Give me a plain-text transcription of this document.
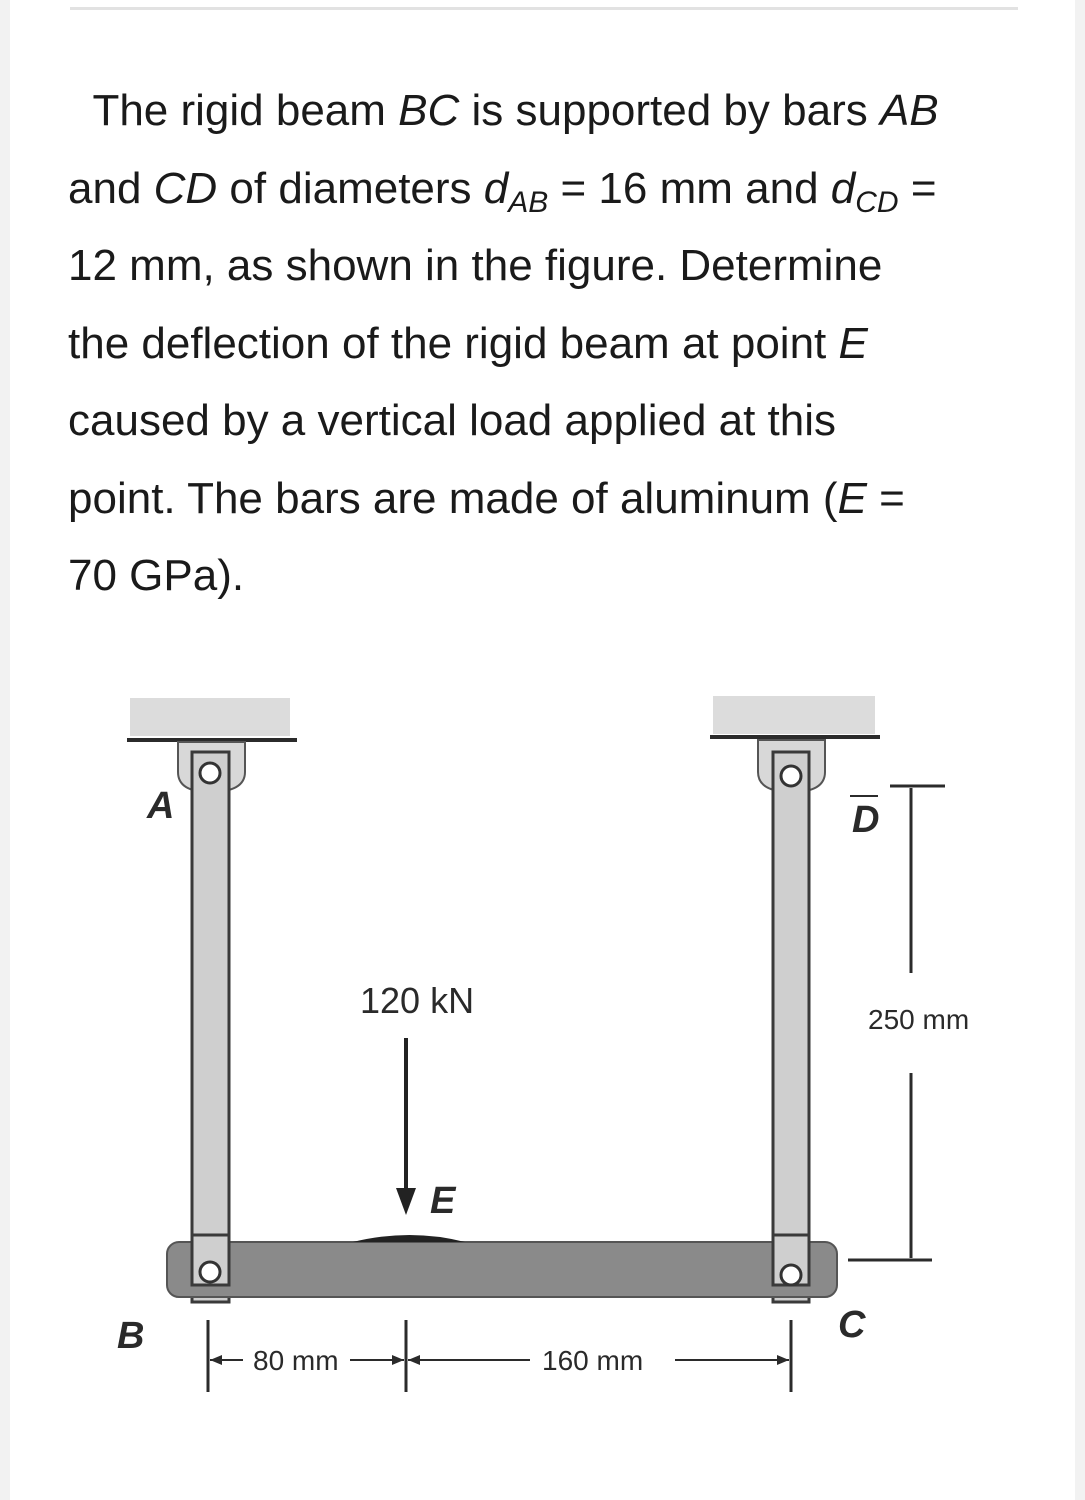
The rigid beam BC is supported by bars AB
and CD of diameters $d_{AB} = 16$ mm and $d_{CD}$ =
12 mm, as shown in the figure. Determine
the deflection of the rigid beam at point E
caused by a vertical load applied at this
point. The bars are made of aluminum (E =
70 GPa).
A
B	C
D
E
120 kN	250 mm
80 mm	160 mm
